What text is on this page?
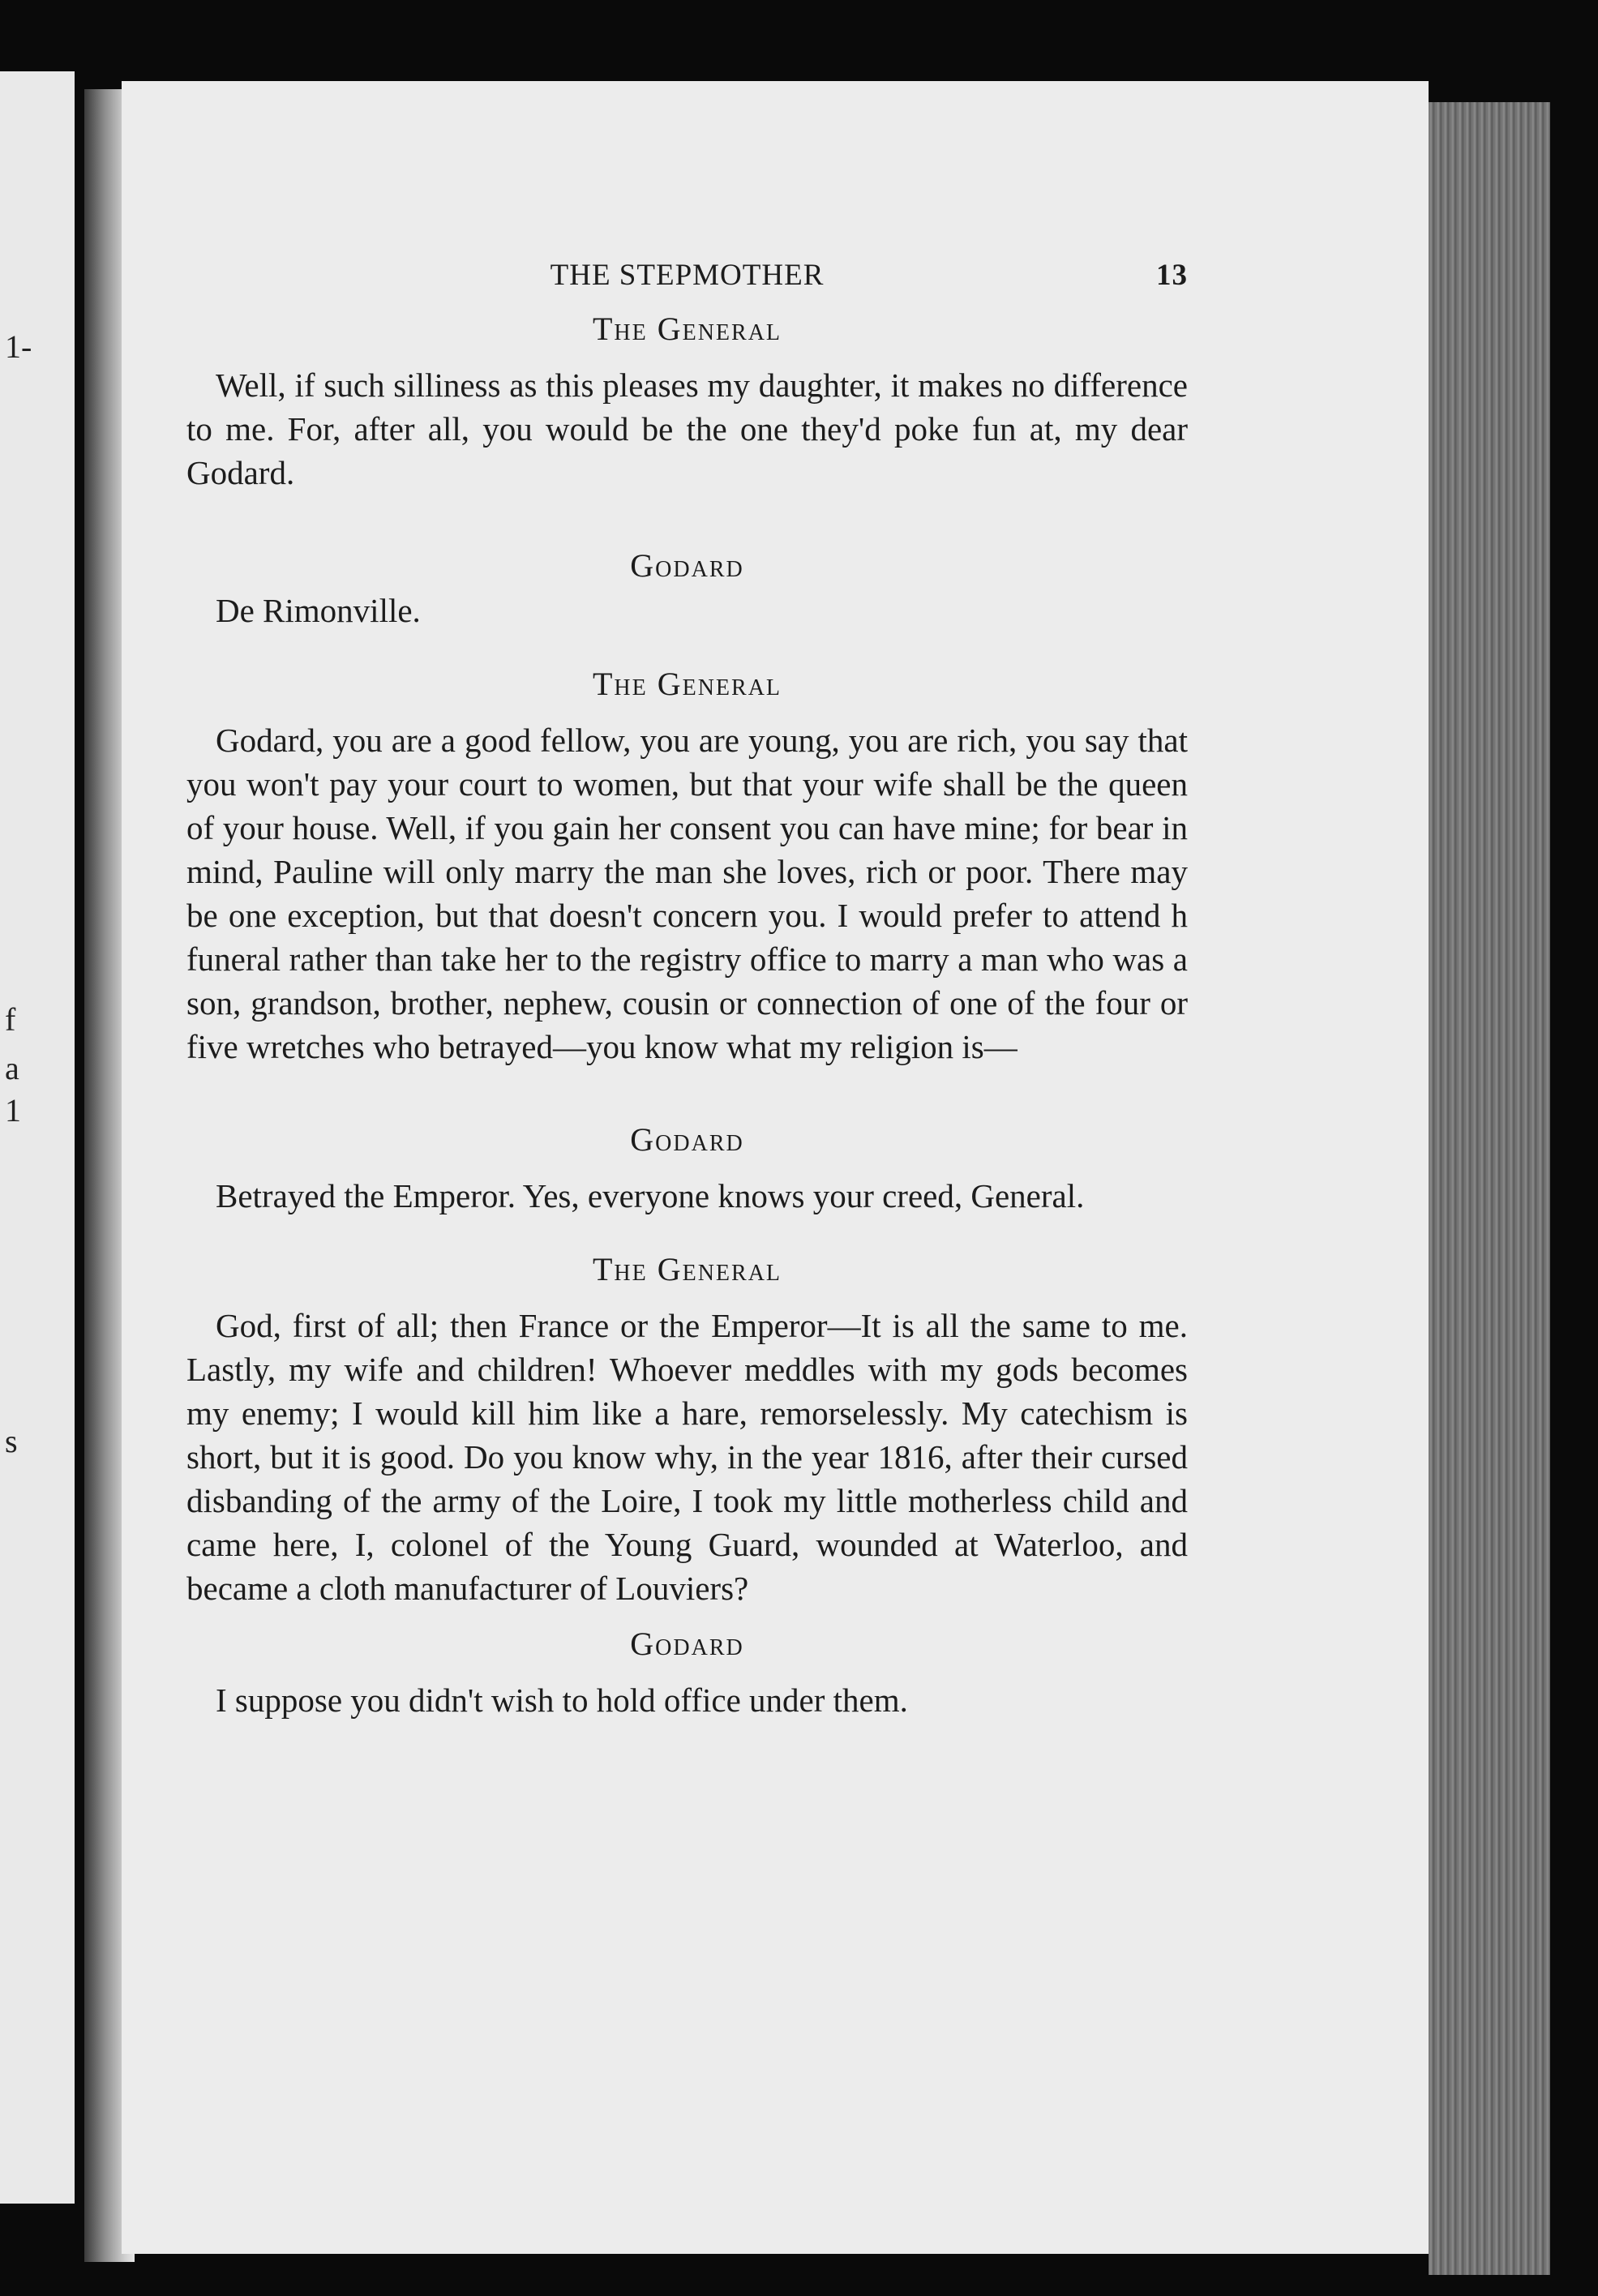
1-
f
a
1
s
THE STEPMOTHER	13

The General

Well, if such silliness as this pleases my daughter, it makes no difference to me. For, after all, you would be the one they'd poke fun at, my dear Godard.

Godard

De Rimonville.

The General

Godard, you are a good fellow, you are young, you are rich, you say that you won't pay your court to women, but that your wife shall be the queen of your house. Well, if you gain her consent you can have mine; for bear in mind, Pauline will only marry the man she loves, rich or poor. There may be one exception, but that doesn't concern you. I would prefer to attend h funeral rather than take her to the registry office to marry a man who was a son, grandson, brother, nephew, cousin or connection of one of the four or five wretches who betrayed—you know what my religion is—

Godard

Betrayed the Emperor. Yes, everyone knows your creed, General.

The General

God, first of all; then France or the Emperor—It is all the same to me. Lastly, my wife and children! Whoever meddles with my gods becomes my enemy; I would kill him like a hare, remorselessly. My catechism is short, but it is good. Do you know why, in the year 1816, after their cursed disbanding of the army of the Loire, I took my little motherless child and came here, I, colonel of the Young Guard, wounded at Waterloo, and became a cloth manufacturer of Louviers?

Godard

I suppose you didn't wish to hold office under them.
